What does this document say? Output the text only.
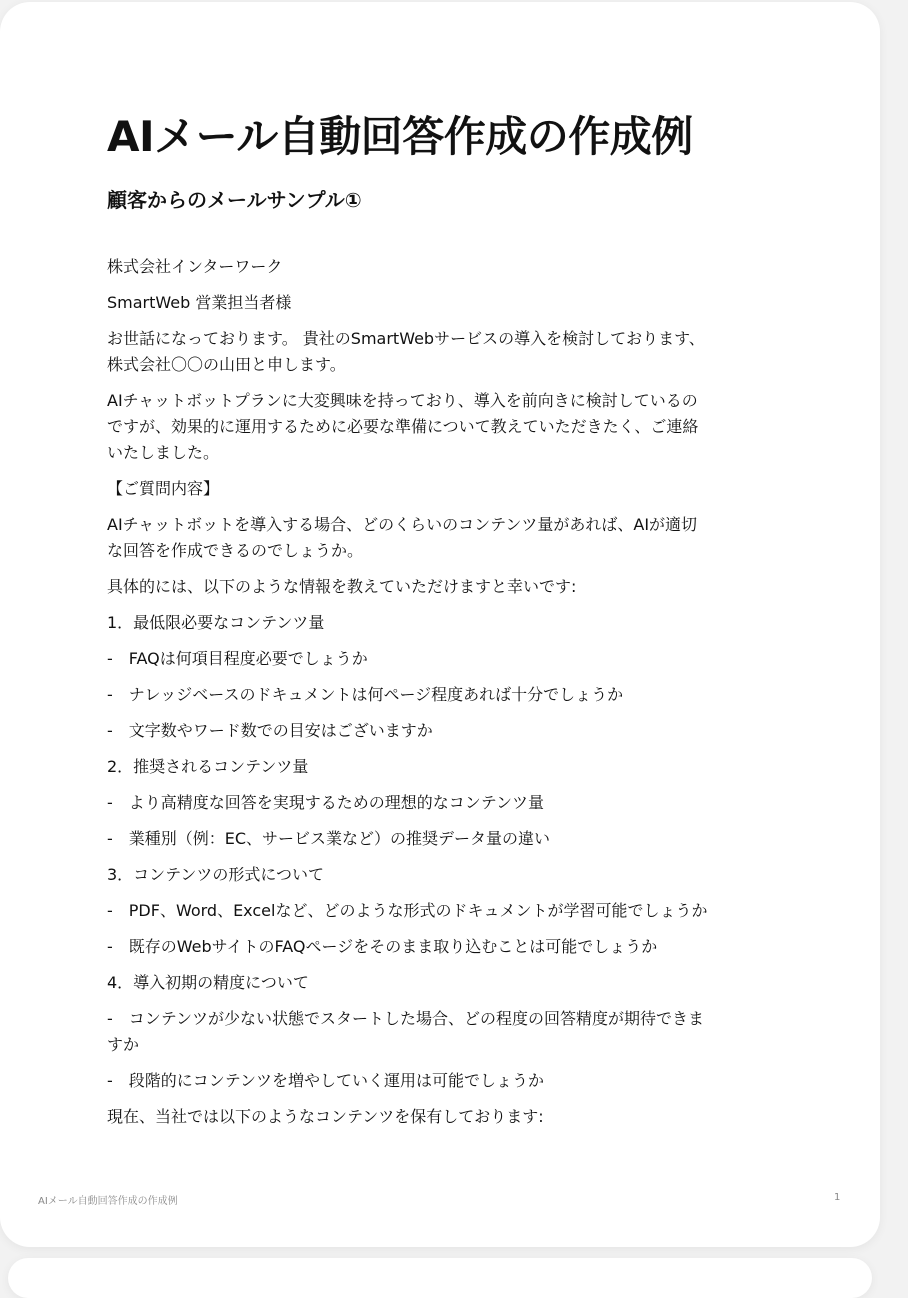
AIメール自動回答作成の作成例
顧客からのメールサンプル①
株式会社インターワーク
SmartWeb 営業担当者様
お世話になっております。 貴社のSmartWebサービスの導入を検討しております、
株式会社〇〇の山田と申します。
AIチャットボットプランに大変興味を持っており、導入を前向きに検討しているの
ですが、効果的に運用するために必要な準備について教えていただきたく、ご連絡
いたしました。
【ご質問内容】
AIチャットボットを導入する場合、どのくらいのコンテンツ量があれば、AIが適切
な回答を作成できるのでしょうか。
具体的には、以下のような情報を教えていただけますと幸いです:
1．最低限必要なコンテンツ量
-　FAQは何項目程度必要でしょうか
-　ナレッジベースのドキュメントは何ページ程度あれば十分でしょうか
-　文字数やワード数での目安はございますか
2．推奨されるコンテンツ量
-　より高精度な回答を実現するための理想的なコンテンツ量
-　業種別（例：EC、サービス業など）の推奨データ量の違い
3．コンテンツの形式について
-　PDF、Word、Excelなど、どのような形式のドキュメントが学習可能でしょうか
-　既存のWebサイトのFAQページをそのまま取り込むことは可能でしょうか
4．導入初期の精度について
-　コンテンツが少ない状態でスタートした場合、どの程度の回答精度が期待できま
すか
-　段階的にコンテンツを増やしていく運用は可能でしょうか
現在、当社では以下のようなコンテンツを保有しております:
AIメール自動回答作成の作成例	1
